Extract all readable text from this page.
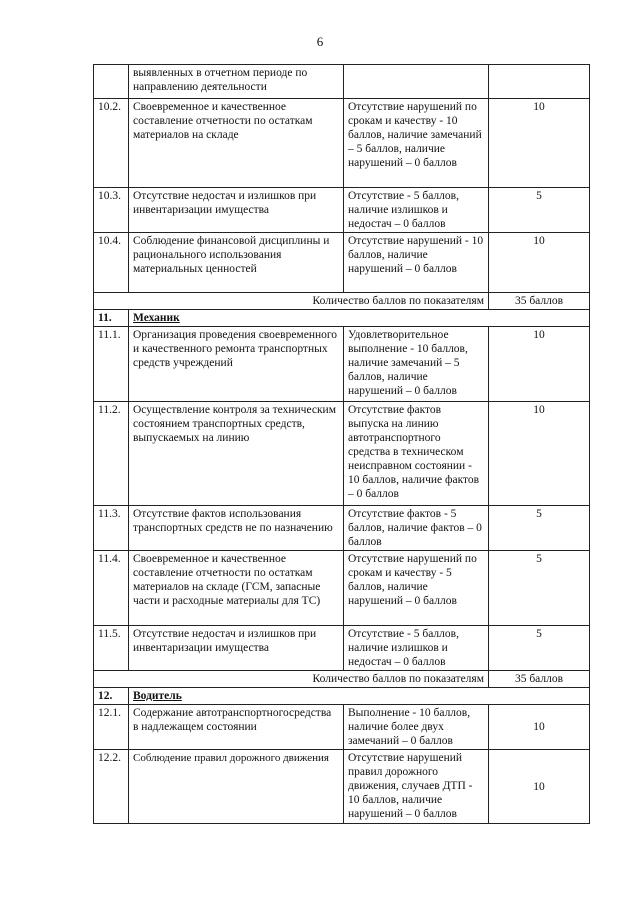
6
	выявленных в отчетном периоде по направлению деятельности		
10.2.	Своевременное и качественное составление отчетности по остаткам материалов на складе	Отсутствие нарушений по срокам и качеству - 10 баллов, наличие замечаний – 5 баллов, наличие нарушений – 0 баллов	10
10.3.	Отсутствие недостач и излишков при инвентаризации имущества	Отсутствие - 5 баллов, наличие излишков и недостач – 0 баллов	5
10.4.	Соблюдение финансовой дисциплины и рационального использования материальных ценностей	Отсутствие нарушений - 10 баллов, наличие нарушений – 0 баллов	10
Количество баллов по показателям			35 баллов
11.	Механик		
11.1.	Организация проведения своевременного и качественного ремонта транспортных средств учреждений	Удовлетворительное выполнение - 10 баллов, наличие замечаний – 5 баллов, наличие нарушений – 0 баллов	10
11.2.	Осуществление контроля за техническим состоянием транспортных средств, выпускаемых на линию	Отсутствие фактов выпуска на линию автотранспортного средства в техническом неисправном состоянии - 10 баллов, наличие фактов – 0 баллов	10
11.3.	Отсутствие фактов использования транспортных средств не по назначению	Отсутствие фактов - 5 баллов, наличие фактов – 0 баллов	5
11.4.	Своевременное и качественное составление отчетности по остаткам материалов на складе (ГСМ, запасные части и расходные материалы для ТС)	Отсутствие нарушений по срокам и качеству - 5 баллов, наличие нарушений – 0 баллов	5
11.5.	Отсутствие недостач и излишков при инвентаризации имущества	Отсутствие - 5 баллов, наличие излишков и недостач – 0 баллов	5
Количество баллов по показателям			35 баллов
12.	Водитель		
12.1.	Содержание автотранспортногосредства в надлежащем состоянии	Выполнение - 10 баллов, наличие более двух замечаний – 0 баллов	10
12.2.	Соблюдение правил дорожного движения	Отсутствие нарушений правил дорожного движения, случаев ДТП - 10 баллов, наличие нарушений – 0 баллов	10
